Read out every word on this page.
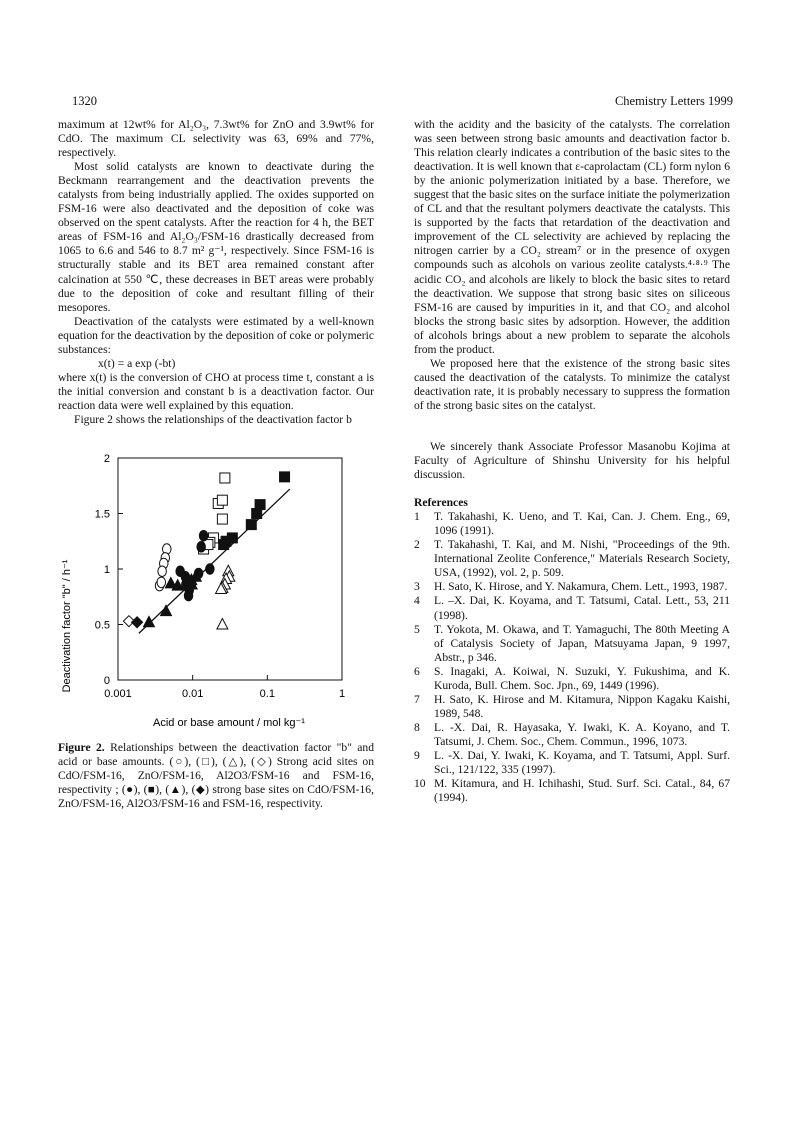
1320	Chemistry Letters 1999

maximum at 12wt% for Al₂O₃, 7.3wt% for ZnO and 3.9wt% for CdO. The maximum CL selectivity was 63, 69% and 77%, respectively.

Most solid catalysts are known to deactivate during the Beckmann rearrangement and the deactivation prevents the catalysts from being industrially applied. The oxides supported on FSM-16 were also deactivated and the deposition of coke was observed on the spent catalysts. After the reaction for 4 h, the BET areas of FSM-16 and Al₂O₃/FSM-16 drastically decreased from 1065 to 6.6 and 546 to 8.7 m² g⁻¹, respectively. Since FSM-16 is structurally stable and its BET area remained constant after calcination at 550 ℃, these decreases in BET areas were probably due to the deposition of coke and resultant filling of their mesopores.

Deactivation of the catalysts were estimated by a well-known equation for the deactivation by the deposition of coke or polymeric substances:

x(t) = a exp (-bt)

where x(t) is the conversion of CHO at process time t, constant a is the initial conversion and constant b is a deactivation factor. Our reaction data were well explained by this equation.

Figure 2 shows the relationships of the deactivation factor b

0
0.5
1
1.5
2
0.001	0.01	0.1	1
Deactivation factor "b" / h⁻¹
Acid or base amount / mol kg⁻¹
Figure 2. Relationships between the deactivation factor "b" and acid or base amounts. (○), (□), (△), (◇) Strong acid sites on CdO/FSM-16, ZnO/FSM-16, Al2O3/FSM-16 and FSM-16, respectivity ; (●), (■), (▲), (◆) strong base sites on CdO/FSM-16, ZnO/FSM-16, Al2O3/FSM-16 and FSM-16, respectivity.

with the acidity and the basicity of the catalysts. The correlation was seen between strong basic amounts and deactivation factor b. This relation clearly indicates a contribution of the basic sites to the deactivation. It is well known that ε-caprolactam (CL) form nylon 6 by the anionic polymerization initiated by a base. Therefore, we suggest that the basic sites on the surface initiate the polymerization of CL and that the resultant polymers deactivate the catalysts. This is supported by the facts that retardation of the deactivation and improvement of the CL selectivity are achieved by replacing the nitrogen carrier by a CO₂ stream⁷ or in the presence of oxygen compounds such as alcohols on various zeolite catalysts.⁴·⁸·⁹ The acidic CO₂ and alcohols are likely to block the basic sites to retard the deactivation. We suppose that strong basic sites on siliceous FSM-16 are caused by impurities in it, and that CO₂ and alcohol blocks the strong basic sites by adsorption. However, the addition of alcohols brings about a new problem to separate the alcohols from the product.

We proposed here that the existence of the strong basic sites caused the deactivation of the catalysts. To minimize the catalyst deactivation rate, it is probably necessary to suppress the formation of the strong basic sites on the catalyst.

We sincerely thank Associate Professor Masanobu Kojima at Faculty of Agriculture of Shinshu University for his helpful discussion.

References

1 T. Takahashi, K. Ueno, and T. Kai, Can. J. Chem. Eng., 69, 1096 (1991).

2 T. Takahashi, T. Kai, and M. Nishi, "Proceedings of the 9th. International Zeolite Conference," Materials Research Society, USA, (1992), vol. 2, p. 509.

3 H. Sato, K. Hirose, and Y. Nakamura, Chem. Lett., 1993, 1987.

4 L. –X. Dai, K. Koyama, and T. Tatsumi, Catal. Lett., 53, 211 (1998).

5 T. Yokota, M. Okawa, and T. Yamaguchi, The 80th Meeting A of Catalysis Society of Japan, Matsuyama Japan, 9 1997, Abstr., p 346.

6 S. Inagaki, A. Koiwai, N. Suzuki, Y. Fukushima, and K. Kuroda, Bull. Chem. Soc. Jpn., 69, 1449 (1996).

7 H. Sato, K. Hirose and M. Kitamura, Nippon Kagaku Kaishi, 1989, 548.

8 L. -X. Dai, R. Hayasaka, Y. Iwaki, K. A. Koyano, and T. Tatsumi, J. Chem. Soc., Chem. Commun., 1996, 1073.

9 L. -X. Dai, Y. Iwaki, K. Koyama, and T. Tatsumi, Appl. Surf. Sci., 121/122, 335 (1997).

10 M. Kitamura, and H. Ichihashi, Stud. Surf. Sci. Catal., 84, 67 (1994).
